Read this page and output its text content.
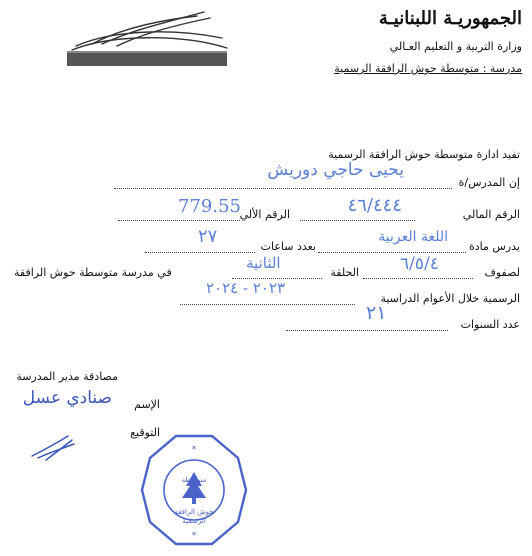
الجمهوريـة اللبنانيـة
وزارة التربية و التعليم العـالي
مدرسة : متوسطة حوش الرافقة الرسمية
تفيد ادارة متوسطة حوش الرافقة الرسمية
إن المدرس/ة
يحيى حاجي دوريش
الرقم المالي
٤٦/٤٤٤
الرقم الألي
779.55
يدرس مادة
اللغة العربية
بعدد ساعات
٢٧
لصفوف
٦/٥/٤
الحلقة
الثانية
في مدرسة متوسطة حوش الرافقة
الرسمية خلال الأعوام الدراسية
٢٠٢٣ - ٢٠٢٤
عدد السنوات
٢١
مصادقة مدير المدرسة
الإسم
صنادي عسل
التوقيع
*
*
متوسطة
حوش الرافقة
الرسمية
